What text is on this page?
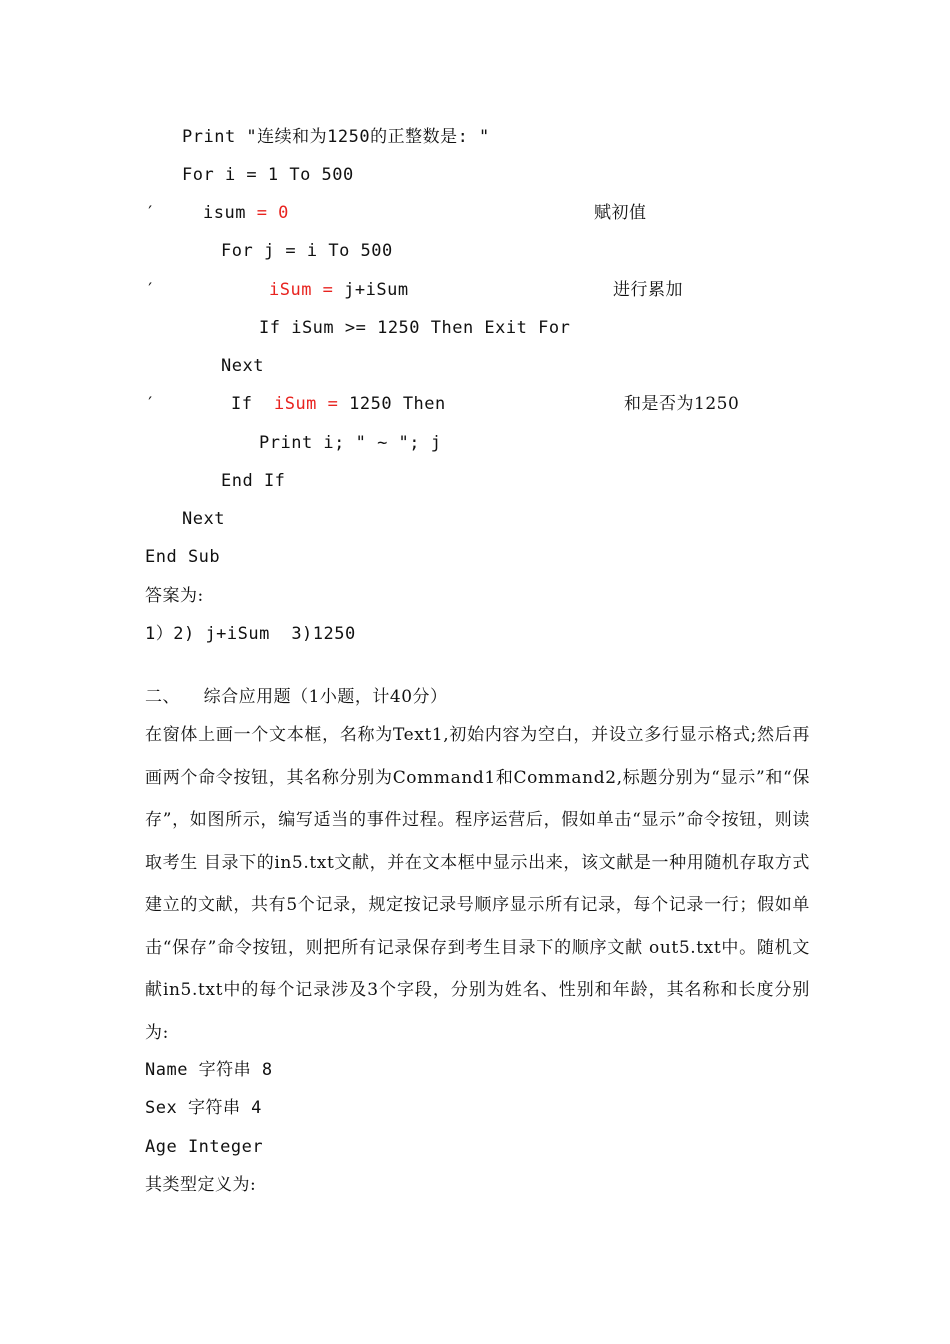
Print "连续和为1250的正整数是: "
For i = 1 To 500
′	isum = 0	赋初值
For j = i To 500
′	iSum = j+iSum	进行累加
If iSum >= 1250 Then Exit For
Next
′	If iSum = 1250 Then	和是否为1250
Print i; " ~ "; j
End If
Next
End Sub
答案为:
1）2) j+iSum  3)1250
二、    综合应用题（1小题，计40分）
在窗体上画一个文本框，名称为Text1,初始内容为空白，并设立多行显示格式;然后再画两个命令按钮，其名称分别为Command1和Command2,标题分别为“显示”和“保存”，如图所示，编写适当的事件过程。程序运营后，假如单击“显示”命令按钮，则读取考生 目录下的in5.txt文献，并在文本框中显示出来，该文献是一种用随机存取方式建立的文献，共有5个记录，规定按记录号顺序显示所有记录，每个记录一行；假如单击“保存”命令按钮，则把所有记录保存到考生目录下的顺序文献 out5.txt中。随机文献in5.txt中的每个记录涉及3个字段，分别为姓名、性别和年龄，其名称和长度分别为:
Name 字符串 8
Sex 字符串 4
Age Integer
其类型定义为:
